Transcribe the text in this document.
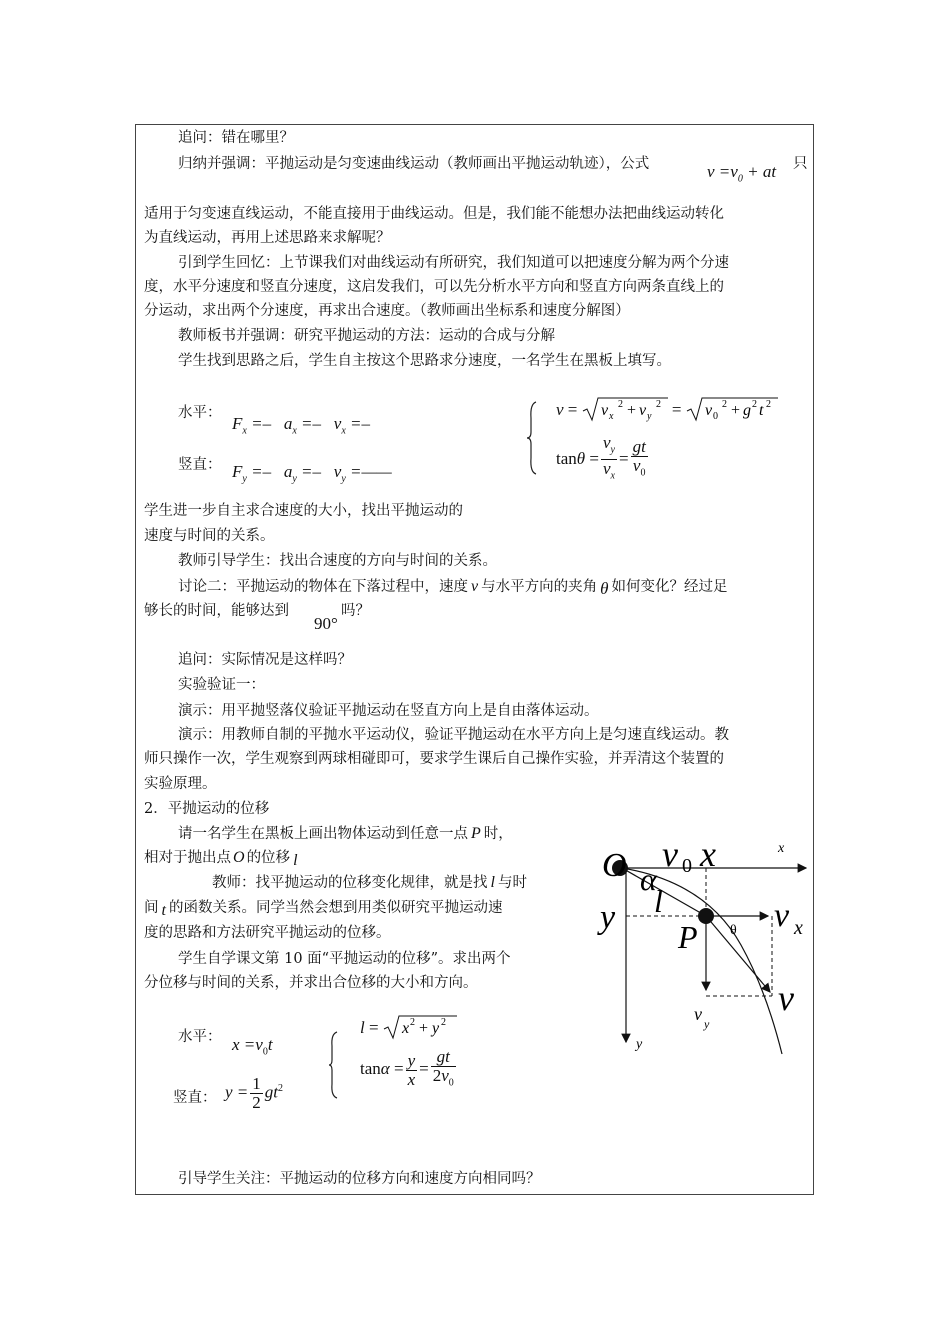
追问：错在哪里？
归纳并强调：平抛运动是匀变速曲线运动（教师画出平抛运动轨迹），公式	$v =v_0$ + at 只
适用于匀变速直线运动，不能直接用于曲线运动。但是，我们能不能想办法把曲线运动转化
为直线运动，再用上述思路来求解呢？
引到学生回忆：上节课我们对曲线运动有所研究，我们知道可以把速度分解为两个分速
度，水平分速度和竖直分速度，这启发我们，可以先分析水平方向和竖直方向两条直线上的
分运动，求出两个分速度，再求出合速度。（教师画出坐标系和速度分解图）
教师板书并强调：研究平抛运动的方法：运动的合成与分解
学生找到思路之后，学生自主按这个思路求分速度，一名学生在黑板上填写。
水平：
$F_x =- a_x =- v_x$ =–
竖直： $F_y =- a_y =- v_y$ =——
v = v x
2 + v y
2 = v 0
2 + g 2 t 2
$\tan\theta = \frac{v_y}{v_x} = \frac{gt}{v_0}$
学生进一步自主求合速度的大小，找出平抛运动的
速度与时间的关系。
教师引导学生：找出合速度的方向与时间的关系。
讨论二：平抛运动的物体在下落过程中，速度 v 与水平方向的夹角 θ 如何变化？经过足
够长的时间，能够达到
90°
吗？
追问：实际情况是这样吗？
实验验证一：
演示：用平抛竖落仪验证平抛运动在竖直方向上是自由落体运动。
演示：用教师自制的平抛水平运动仪，验证平抛运动在水平方向上是匀速直线运动。教
师只操作一次，学生观察到两球相碰即可，要求学生课后自己操作实验，并弄清这个装置的
实验原理。
2．平抛运动的位移
请一名学生在黑板上画出物体运动到任意一点 P 时，
相对于抛出点 O 的位移 l
教师：找平抛运动的位移变化规律，就是找 l 与时
间 t 的函数关系。同学当然会想到用类似研究平抛运动速
度的思路和方法研究平抛运动的位移。
学生自学课文第 10 面“平抛运动的位移”。求出两个
分位移与时间的关系，并求出合位移的大小和方向。
水平： $x =v_0t$
竖直： $y = \frac{1}{2} gt^2$
l = x 2 + y 2
$\tan\alpha = \frac{y}{x} = \frac{gt}{2v_0}$
引导学生关注：平抛运动的位移方向和速度方向相同吗？
O v 0 x	x
α
l
y
P θ v x
v y
v
y
